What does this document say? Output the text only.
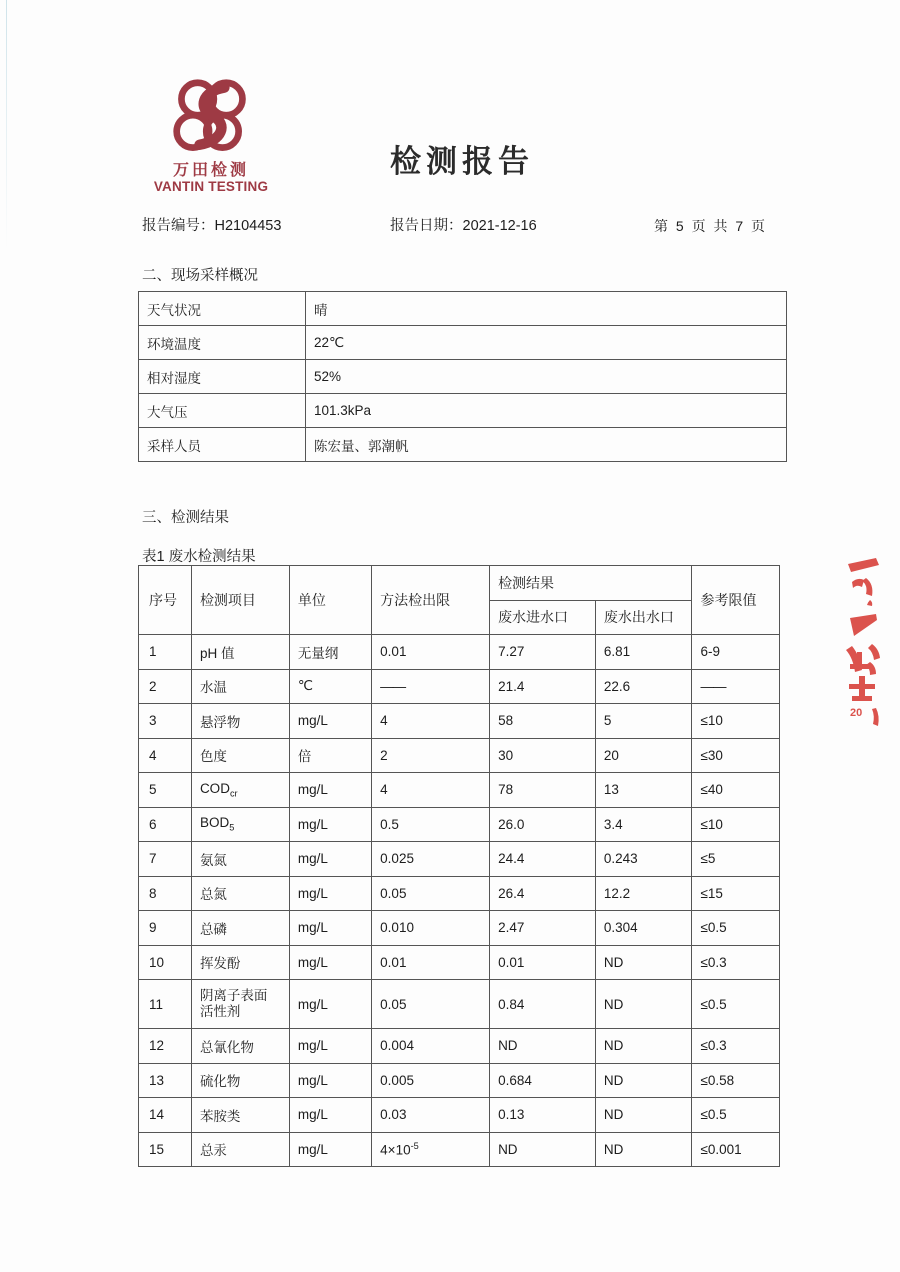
万田检测
VANTIN TESTING
检测报告
报告编号：H2104453	报告日期：2021-12-16	第 5 页 共 7 页
二、现场采样概况
天气状况	晴
环境温度	22℃
相对湿度	52%
大气压	101.3kPa
采样人员	陈宏量、郭潮帆
三、检测结果
表1 废水检测结果
序号	检测项目	单位	方法检出限	检测结果		参考限值
				废水进水口	废水出水口	
1	pH 值	无量纲	0.01	7.27	6.81	6-9
2	水温	℃	——	21.4	22.6	——
3	悬浮物	mg/L	4	58	5	≤10
4	色度	倍	2	30	20	≤30
5	$COD_{cr}$	mg/L	4	78	13	≤40
6	$BOD_5$	mg/L	0.5	26.0	3.4	≤10
7	氨氮	mg/L	0.025	24.4	0.243	≤5
8	总氮	mg/L	0.05	26.4	12.2	≤15
9	总磷	mg/L	0.010	2.47	0.304	≤0.5
10	挥发酚	mg/L	0.01	0.01	ND	≤0.3
11	阴离子表面
活性剂	mg/L	0.05	0.84	ND	≤0.5
12	总氰化物	mg/L	0.004	ND	ND	≤0.3
13	硫化物	mg/L	0.005	0.684	ND	≤0.58
14	苯胺类	mg/L	0.03	0.13	ND	≤0.5
15	总汞	mg/L	$4\times 10^{-5}$	ND	ND	≤0.001
20
